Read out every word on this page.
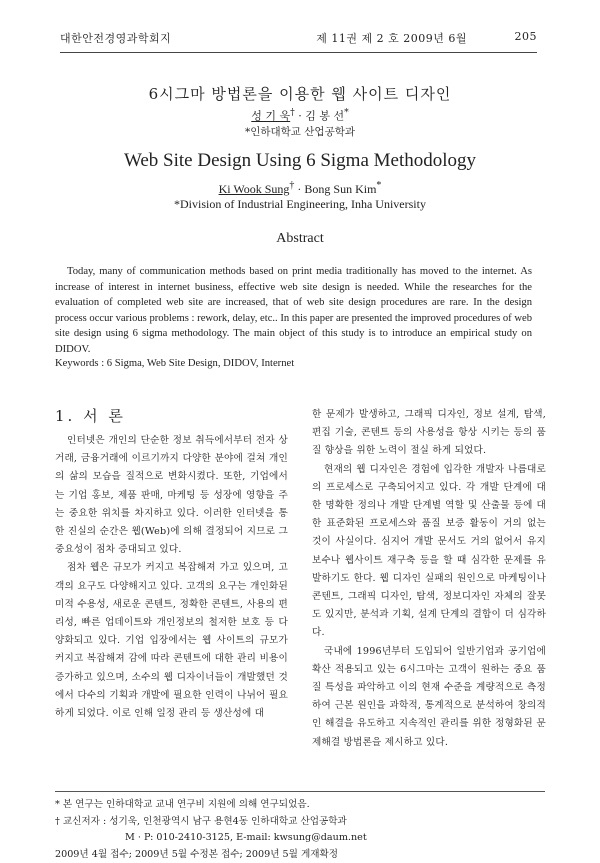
대한안전경영과학회지	제 11권 제 2 호 2009년 6월	205
6시그마 방법론을 이용한 웹 사이트 디자인
성 기 욱† · 김 봉 선*
*인하대학교 산업공학과
Web Site Design Using 6 Sigma Methodology
Ki Wook Sung† · Bong Sun Kim*
*Division of Industrial Engineering, Inha University
Abstract

Today, many of communication methods based on print media traditionally has moved to the internet. As increase of interest in internet business, effective web site design is needed. While the researches for the evaluation of completed web site are increased, that of web site design procedures are rare. In the design process occur various problems : rework, delay, etc.. In this paper are presented the improved procedures of web site design using 6 sigma methodology. The main object of this study is to introduce an empirical study on DIDOV.

Keywords : 6 Sigma, Web Site Design, DIDOV, Internet

1. 서 론

인터넷은 개인의 단순한 정보 취득에서부터 전자 상거래, 금융거래에 이르기까지 다양한 분야에 걸쳐 개인의 삶의 모습을 질적으로 변화시켰다. 또한, 기업에서는 기업 홍보, 제품 판매, 마케팅 등 성장에 영향을 주는 중요한 위치를 차지하고 있다. 이러한 인터넷을 통한 진실의 순간은 웹(Web)에 의해 결정되어 지므로 그 중요성이 점차 증대되고 있다.

점차 웹은 규모가 커지고 복잡해져 가고 있으며, 고객의 요구도 다양해지고 있다. 고객의 요구는 개인화된 미적 수용성, 새로운 콘텐트, 정확한 콘텐트, 사용의 편리성, 빠른 업데이트와 개인정보의 철저한 보호 등 다양화되고 있다. 기업 입장에서는 웹 사이트의 규모가 커지고 복잡해져 감에 따라 콘텐트에 대한 관리 비용이 증가하고 있으며, 소수의 웹 디자이너들이 개발했던 것에서 다수의 기획과 개발에 필요한 인력이 나뉘어 필요하게 되었다. 이로 인해 일정 관리 등 생산성에 대

한 문제가 발생하고, 그래픽 디자인, 정보 설계, 탐색, 편집 기술, 콘텐트 등의 사용성을 항상 시키는 등의 품질 향상을 위한 노력이 절실 하게 되었다.

현재의 웹 디자인은 경험에 입각한 개발자 나름대로의 프로세스로 구축되어지고 있다. 각 개발 단계에 대한 명확한 정의나 개발 단계별 역할 및 산출물 등에 대한 표준화된 프로세스와 품질 보증 활동이 거의 없는 것이 사실이다. 심지어 개발 문서도 거의 없어서 유지 보수나 웹사이트 재구축 등을 할 때 심각한 문제를 유발하기도 한다. 웹 디자인 실패의 원인으로 마케팅이나 콘텐트, 그래픽 디자인, 탐색, 정보디자인 자체의 잘못도 있지만, 분석과 기획, 설계 단계의 결합이 더 심각하다.

국내에 1996년부터 도입되어 일반기업과 공기업에 확산 적용되고 있는 6시그마는 고객이 원하는 중요 품질 특성을 파악하고 이의 현재 수준을 계량적으로 측정하여 근본 원인을 과학적, 통계적으로 분석하여 창의적인 해결을 유도하고 지속적인 관리를 위한 정형화된 문제해결 방법론을 제시하고 있다.

* 본 연구는 인하대학교 교내 연구비 지원에 의해 연구되었음.
† 교신저자 : 성기욱, 인천광역시 남구 용현4동 인하대학교 산업공학과
M · P: 010-2410-3125, E-mail: kwsung@daum.net
2009년 4월 접수; 2009년 5월 수정본 접수; 2009년 5월 게재확정
